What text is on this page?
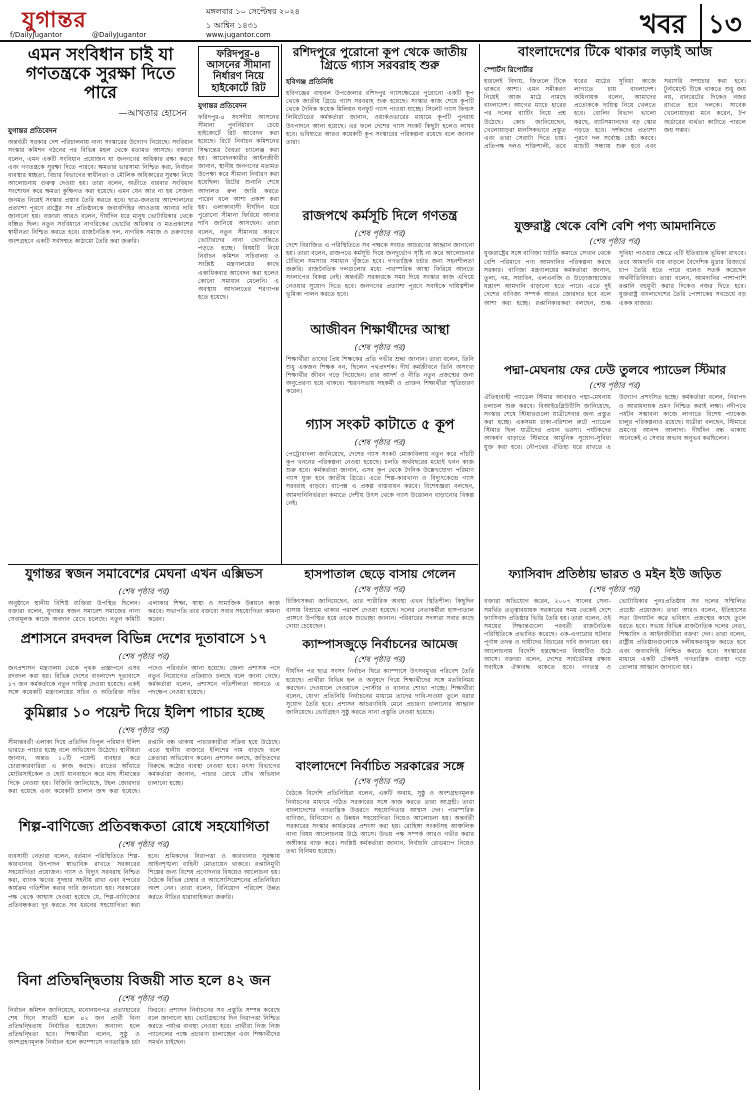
যুগান্তর	মঙ্গলবার ১০ সেপ্টেম্বর ২০২৪
১ আশ্বিন ১৪৩১
f/DailyJugantor	@DailyJugantor	www.jugantor.com	খবর ১৩
এমন সংবিধান চাই যা গণতন্ত্রকে সুরক্ষা দিতে পারে
—আখতার হোসেন
যুগান্তর প্রতিবেদন
অন্তর্বর্তী সরকার দেশ পরিচালনায় নানা সংস্কারের উদ্যোগ নিয়েছে। সংবিধান সংস্কার কমিশন গঠনের পর বিভিন্ন মহল থেকে মতামত আসছে। বক্তারা বলেন, এমন একটি সংবিধান প্রয়োজন যা জনগণের অধিকার রক্ষা করবে এবং গণতন্ত্রকে সুরক্ষা দিতে পারবে। ক্ষমতার ভারসাম্য নিশ্চিত করা, নির্বাচন ব্যবস্থার স্বচ্ছতা, বিচার বিভাগের স্বাধীনতা ও মৌলিক অধিকারের সুরক্ষা নিয়ে আলোচনায় গুরুত্ব দেওয়া হয়। তারা বলেন, অতীতে বারবার সংবিধান সংশোধন করে ক্ষমতা কুক্ষিগত করা হয়েছে। এমন যেন আর না হয় সেজন্য জনমত নিয়েই সংস্কার প্রস্তাব তৈরি করতে হবে। ছাত্র-জনতার আন্দোলনের প্রত্যাশা পূরণে রাষ্ট্রের সব প্রতিষ্ঠানকে জবাবদিহির আওতায় আনার দাবি জানানো হয়। বক্তারা আরও বলেন, দীর্ঘদিন ধরে মানুষ ভোটাধিকার থেকে বঞ্চিত ছিল। নতুন সংবিধানে নাগরিকের ভোটের অধিকার ও মতপ্রকাশের স্বাধীনতা নিশ্চিত করতে হবে। রাজনৈতিক দল, নাগরিক সমাজ ও তরুণদের অংশগ্রহণে একটি সর্বসম্মত কাঠামো তৈরি করা জরুরি।
ফরিদপুর-৪ আসনের সীমানা নির্ধারণ নিয়ে হাইকোর্টে রিট
যুগান্তর প্রতিবেদন
ফরিদপুর-৪ সংসদীয় আসনের সীমানা পুনর্নির্ধারণ চেয়ে হাইকোর্টে রিট আবেদন করা হয়েছে। রিটে নির্বাচন কমিশনের সিদ্ধান্তের বৈধতা চ্যালেঞ্জ করা হয়। আবেদনকারীর আইনজীবী জানান, স্থানীয় জনগণের মতামত উপেক্ষা করে সীমানা নির্ধারণ করা হয়েছিল। রিটের শুনানি শেষে আদালত রুল জারি করতে পারেন বলে আশা প্রকাশ করা হয়। এলাকাবাসী দীর্ঘদিন ধরে পুরোনো সীমানা ফিরিয়ে আনার দাবি জানিয়ে আসছেন। তারা বলেন, নতুন সীমানার কারণে ভোটারদের নানা ভোগান্তিতে পড়তে হচ্ছে। বিষয়টি নিয়ে নির্বাচন কমিশন সচিবালয় ও সংশ্লিষ্ট মন্ত্রণালয়ের কাছে একাধিকবার আবেদন করা হলেও কোনো সমাধান মেলেনি। এ অবস্থায় আদালতের শরণাপন্ন হতে হয়েছে।
রশিদপুরে পুরোনো কূপ থেকে জাতীয় গ্রিডে গ্যাস সরবরাহ শুরু
হবিগঞ্জ প্রতিনিধি
হবিগঞ্জের বাহুবল উপজেলার রশিদপুর গ্যাসক্ষেত্রের পুরোনো একটি কূপ থেকে জাতীয় গ্রিডে গ্যাস সরবরাহ শুরু হয়েছে। সংস্কার কাজ শেষে কূপটি থেকে দৈনিক কয়েক মিলিয়ন ঘনফুট গ্যাস পাওয়া যাচ্ছে। সিলেট গ্যাস ফিল্ডস লিমিটেডের কর্মকর্তারা জানান, ওয়ার্কওভারের মাধ্যমে কূপটি পুনরায় উৎপাদনে আনা হয়েছে। এর ফলে দেশের গ্যাস সংকট কিছুটা হলেও লাঘব হবে। ভবিষ্যতে আরও কয়েকটি কূপ সংস্কারের পরিকল্পনা রয়েছে বলে জানান তারা।
রাজপথে কর্মসূচি দিলে গণতন্ত্র
(শেষ পৃষ্ঠার পর)
দেশে বিরাজিত এ পরিস্থিতিতে সব পক্ষকে সংযত আচরণের আহ্বান জানানো হয়। তারা বলেন, রাজপথে কর্মসূচি দিয়ে জনদুর্ভোগ সৃষ্টি না করে আলোচনার টেবিলে সমস্যার সমাধান খুঁজতে হবে। গণতান্ত্রিক চর্চার জন্য সহনশীলতা জরুরি। রাজনৈতিক দলগুলোর মধ্যে পারস্পরিক আস্থা ফিরিয়ে আনতে সংলাপের বিকল্প নেই। অন্তর্বর্তী সরকারকে সময় দিয়ে সংস্কার কাজ এগিয়ে নেওয়ার সুযোগ দিতে হবে। জনগণের প্রত্যাশা পূরণে সবাইকে দায়িত্বশীল ভূমিকা পালন করতে হবে।
আজীবন শিক্ষার্থীদের আস্থা
(শেষ পৃষ্ঠার পর)
শিক্ষার্থীরা তাদের প্রিয় শিক্ষকের প্রতি গভীর শ্রদ্ধা জানান। তারা বলেন, তিনি শুধু একজন শিক্ষক নন, ছিলেন পথপ্রদর্শক। দীর্ঘ কর্মজীবনে তিনি অসংখ্য শিক্ষার্থীর জীবন গড়ে দিয়েছেন। তার আদর্শ ও নীতি নতুন প্রজন্মের জন্য অনুপ্রেরণা হয়ে থাকবে। স্মরণসভায় সহকর্মী ও প্রাক্তন শিক্ষার্থীরা স্মৃতিচারণ করেন।
গ্যাস সংকট কাটাতে ৫ কূপ
(শেষ পৃষ্ঠার পর)
পেট্রোবাংলা জানিয়েছে, দেশের গ্যাস সংকট মোকাবিলায় নতুন করে পাঁচটি কূপ খননের পরিকল্পনা নেওয়া হয়েছে। চলতি অর্থবছরের মধ্যেই খনন কাজ শুরু হবে। কর্মকর্তারা জানান, এসব কূপ থেকে দৈনিক উল্লেখযোগ্য পরিমাণ গ্যাস যুক্ত হবে জাতীয় গ্রিডে। এতে শিল্প-কারখানা ও বিদ্যুৎকেন্দ্রে গ্যাস সরবরাহ বাড়বে। বাপেক্স এ প্রকল্প বাস্তবায়ন করবে। বিশেষজ্ঞরা বলছেন, আমদানিনির্ভরতা কমাতে দেশীয় উৎস থেকে গ্যাস উত্তোলন বাড়ানোর বিকল্প নেই।
যুগান্তর স্বজন সমাবেশের মেঘনা এখন এক্সিভস
(শেষ পৃষ্ঠার পর)
অনুষ্ঠানে স্থানীয় বিশিষ্ট ব্যক্তিরা উপস্থিত ছিলেন। বক্তারা বলেন, যুগান্তর স্বজন সমাবেশ সমাজের নানা সেবামূলক কাজে অবদান রেখে চলেছে। নতুন কমিটি এলাকার শিক্ষা, স্বাস্থ্য ও সামাজিক উন্নয়নে কাজ করবে। সভাপতি তার বক্তব্যে সবার সহযোগিতা কামনা করেন।
প্রশাসনে রদবদল বিভিন্ন দেশের দূতাবাসে ১৭
(শেষ পৃষ্ঠার পর)
জনপ্রশাসন মন্ত্রণালয় থেকে পৃথক প্রজ্ঞাপনে এসব রদবদল করা হয়। বিভিন্ন দেশের বাংলাদেশ দূতাবাসে ১৭ জন কর্মকর্তাকে নতুন দায়িত্ব দেওয়া হয়েছে। একই সঙ্গে কয়েকটি মন্ত্রণালয়ের সচিব ও অতিরিক্ত সচিব পদেও পরিবর্তন আনা হয়েছে। জেলা প্রশাসক পদে নতুন নিয়োগের প্রক্রিয়াও চলছে বলে জানা গেছে। কর্মকর্তারা বলেন, প্রশাসনে গতিশীলতা আনতে এ পদক্ষেপ নেওয়া হয়েছে।
কুমিল্লার ১০ পয়েন্ট দিয়ে ইলিশ পাচার হচ্ছে
(শেষ পৃষ্ঠার পর)
সীমান্তবর্তী এলাকা দিয়ে প্রতিদিন বিপুল পরিমাণ ইলিশ ভারতে পাচার হচ্ছে বলে অভিযোগ উঠেছে। স্থানীয়রা জানান, অন্তত ১০টি পয়েন্ট ব্যবহার করে চোরাকারবারিরা এ কাজ করছে। রাতের আঁধারে মোটরসাইকেল ও ছোট যানবাহনে করে মাছ সীমান্তের দিকে নেওয়া হয়। বিজিবি জানিয়েছে, টহল জোরদার করা হয়েছে এবং কয়েকটি চালান জব্দ করা হয়েছে। রপ্তানি বন্ধ থাকায় পাচারকারীরা সক্রিয় হয়ে উঠেছে। এতে স্থানীয় বাজারে ইলিশের দাম বাড়ছে বলে ক্রেতারা অভিযোগ করেন। প্রশাসন বলছে, জড়িতদের বিরুদ্ধে কঠোর ব্যবস্থা নেওয়া হবে। মৎস্য বিভাগের কর্মকর্তারা জানান, পাচার রোধে যৌথ অভিযান চালানো হচ্ছে।
শিল্প-বাণিজ্যে প্রতিবন্ধকতা রোধে সহযোগিতা
(শেষ পৃষ্ঠার পর)
ব্যবসায়ী নেতারা বলেন, বর্তমান পরিস্থিতিতে শিল্প-কারখানার উৎপাদন স্বাভাবিক রাখতে সরকারের সহযোগিতা প্রয়োজন। গ্যাস ও বিদ্যুৎ সরবরাহ নিশ্চিত করা, ব্যাংক ঋণের সুদহার সহনীয় রাখা এবং বন্দরের কার্যক্রম গতিশীল করার দাবি জানানো হয়। সরকারের পক্ষ থেকে আশ্বাস দেওয়া হয়েছে যে, শিল্প-বাণিজ্যের প্রতিবন্ধকতা দূর করতে সব ধরনের সহযোগিতা করা হবে। শ্রমিকদের নিরাপত্তা ও কারখানার সুরক্ষায় আইনশৃঙ্খলা বাহিনী মোতায়েন থাকবে। রপ্তানিমুখী শিল্পের জন্য বিশেষ প্রণোদনার বিষয়েও আলোচনা হয়। বৈঠকে বিভিন্ন চেম্বার ও অ্যাসোসিয়েশনের প্রতিনিধিরা অংশ নেন। তারা বলেন, বিনিয়োগ পরিবেশ উন্নত করতে নীতির ধারাবাহিকতা জরুরি।
বিনা প্রতিদ্বন্দ্বিতায় বিজয়ী সাত হলে ৪২ জন
(শেষ পৃষ্ঠার পর)
নির্বাচন কমিশন জানিয়েছে, মনোনয়নপত্র প্রত্যাহারের শেষ দিনে সাতটি হলে ৪২ জন প্রার্থী বিনা প্রতিদ্বন্দ্বিতায় নির্বাচিত হয়েছেন। অন্যান্য হলে প্রতিদ্বন্দ্বিতা হবে। শিক্ষার্থীরা বলেন, সুষ্ঠু ও অংশগ্রহণমূলক নির্বাচন হলে ক্যাম্পাসে গণতান্ত্রিক চর্চা ফিরবে। প্রশাসন নির্বাচনের সব প্রস্তুতি সম্পন্ন করেছে বলে জানানো হয়। ভোটগ্রহণের দিন নিরাপত্তা নিশ্চিত করতে পর্যাপ্ত ব্যবস্থা নেওয়া হবে। প্রার্থীরা নিজ নিজ প্যানেলের পক্ষে প্রচারণা চালাচ্ছেন এবং শিক্ষার্থীদের সমর্থন চাইছেন।
হাসপাতাল ছেড়ে বাসায় গেলেন
(শেষ পৃষ্ঠার পর)
চিকিৎসকরা জানিয়েছেন, তার শারীরিক অবস্থা এখন স্থিতিশীল। কিছুদিন বাসায় বিশ্রামে থাকার পরামর্শ দেওয়া হয়েছে। দলের নেতাকর্মীরা হাসপাতাল প্রাঙ্গণে উপস্থিত হয়ে তাকে শুভেচ্ছা জানান। পরিবারের সদস্যরা সবার কাছে দোয়া চেয়েছেন।
ক্যাম্পাসজুড়ে নির্বাচনের আমেজ
(শেষ পৃষ্ঠার পর)
দীর্ঘদিন পর ছাত্র সংসদ নির্বাচন ঘিরে ক্যাম্পাসে উৎসবমুখর পরিবেশ তৈরি হয়েছে। প্রার্থীরা বিভিন্ন হল ও অনুষদে গিয়ে শিক্ষার্থীদের সঙ্গে মতবিনিময় করছেন। দেওয়ালে দেওয়ালে পোস্টার ও ব্যানার শোভা পাচ্ছে। শিক্ষার্থীরা বলেন, যোগ্য প্রতিনিধি নির্বাচনের মাধ্যমে তাদের দাবি-দাওয়া তুলে ধরার সুযোগ তৈরি হবে। প্রশাসন আচরণবিধি মেনে প্রচারণা চালানোর আহ্বান জানিয়েছে। ভোটগ্রহণ সুষ্ঠু করতে নানা প্রস্তুতি নেওয়া হয়েছে।
বাংলাদেশে নির্বাচিত সরকারের সঙ্গে
(শেষ পৃষ্ঠার পর)
বৈঠকে বিদেশি প্রতিনিধিরা বলেন, একটি অবাধ, সুষ্ঠু ও অংশগ্রহণমূলক নির্বাচনের মাধ্যমে গঠিত সরকারের সঙ্গে কাজ করতে তারা আগ্রহী। তারা বাংলাদেশের গণতান্ত্রিক উত্তরণে সহযোগিতার আশ্বাস দেন। পারস্পরিক বাণিজ্য, বিনিয়োগ ও উন্নয়ন সহযোগিতা নিয়েও আলোচনা হয়। অন্তর্বর্তী সরকারের সংস্কার কার্যক্রমের প্রশংসা করা হয়। রোহিঙ্গা সংকটসহ আঞ্চলিক নানা বিষয় আলোচনায় উঠে আসে। উভয় পক্ষ সম্পর্ক আরও গভীর করার অঙ্গীকার ব্যক্ত করে। সংশ্লিষ্ট কর্মকর্তারা জানান, নির্বাচনি রোডম্যাপ নিয়েও তথ্য বিনিময় হয়েছে।
বাংলাদেশের টিকে থাকার লড়াই আজ
স্পোর্টস রিপোর্টার
হারলেই বিদায়, জিতলে টিকে থাকবে আশা। এমন সমীকরণ নিয়েই আজ মাঠে নামছে বাংলাদেশ। আগের ম্যাচে হারের পর দলের ব্যাটিং নিয়ে প্রশ্ন উঠেছে। কোচ জানিয়েছেন, খেলোয়াড়রা মানসিকভাবে প্রস্তুত এবং তারা সেরাটা দিতে চায়। প্রতিপক্ষ দলও শক্তিশালী, তবে ঘরের মাঠের সুবিধা কাজে লাগাতে চায় বাংলাদেশ। অধিনায়ক বলেন, আমাদের প্রত্যেককে দায়িত্ব নিয়ে খেলতে হবে। বোলিং বিভাগ ভালো করছে, ব্যাটসম্যানদের বড় স্কোর গড়তে হবে। দর্শকদের প্রত্যাশা পূরণে দল সর্বোচ্চ চেষ্টা করবে। ম্যাচটি সন্ধ্যায় শুরু হবে এবং সরাসরি সম্প্রচার করা হবে। টুর্নামেন্টে টিকে থাকতে শুধু জয় নয়, রানরেটের দিকেও নজর রাখতে হবে দলকে। সাবেক খেলোয়াড়রা মনে করেন, টপ অর্ডারের ব্যর্থতা কাটাতে পারলে জয় সম্ভব।
যুক্তরাষ্ট্র থেকে বেশি বেশি পণ্য আমদানিতে
(শেষ পৃষ্ঠার পর)
যুক্তরাষ্ট্রের সঙ্গে বাণিজ্য ঘাটতি কমাতে সেখান থেকে বেশি পরিমাণে পণ্য আমদানির পরিকল্পনা করছে সরকার। বাণিজ্য মন্ত্রণালয়ের কর্মকর্তারা জানান, তুলা, গম, সয়াবিন, এলএনজি ও উড়োজাহাজের যন্ত্রাংশ আমদানি বাড়ানো হতে পারে। এতে দুই দেশের বাণিজ্য সম্পর্ক আরও জোরদার হবে বলে আশা করা হচ্ছে। রপ্তানিকারকরা বলছেন, শুল্ক সুবিধা পাওয়ার ক্ষেত্রে এটি ইতিবাচক ভূমিকা রাখবে। তবে আমদানি ব্যয় বাড়লে বৈদেশিক মুদ্রার রিজার্ভে চাপ তৈরি হতে পারে বলেও সতর্ক করেছেন অর্থনীতিবিদরা। তারা বলেন, আমদানির পাশাপাশি রপ্তানি বহুমুখী করার দিকেও নজর দিতে হবে। যুক্তরাষ্ট্র বাংলাদেশের তৈরি পোশাকের সবচেয়ে বড় একক বাজার।
পদ্মা-মেঘনায় ফের ঢেউ তুলবে প্যাডেল স্টিমার
(শেষ পৃষ্ঠার পর)
ঐতিহ্যবাহী প্যাডেল স্টিমার আবারও পদ্মা-মেঘনায় চলাচল শুরু করবে। বিআইডব্লিউটিসি জানিয়েছে, সংস্কার শেষে স্টিমারগুলো যাত্রীসেবার জন্য প্রস্তুত করা হচ্ছে। একসময় ঢাকা-বরিশাল রুটে প্যাডেল স্টিমার ছিল যাত্রীদের প্রধান ভরসা। পর্যটকদের আকর্ষণ বাড়াতে স্টিমারে আধুনিক সুযোগ-সুবিধা যুক্ত করা হবে। নৌপথের ঐতিহ্য ধরে রাখতে এ উদ্যোগ প্রশংসিত হচ্ছে। কর্মকর্তারা বলেন, নিরাপদ ও আরামদায়ক ভ্রমণ নিশ্চিত করাই লক্ষ্য। নদীপথে পর্যটন সম্ভাবনা কাজে লাগাতে বিশেষ প্যাকেজ চালুর পরিকল্পনাও রয়েছে। যাত্রীরা বলছেন, স্টিমারে ভ্রমণের আনন্দ আলাদা। দীর্ঘদিন বন্ধ থাকায় অনেকেই এ সেবার অভাব অনুভব করছিলেন।
ফ্যাসিবাদ প্রতিষ্ঠায় ভারত ও মইন ইউ জড়িত
(শেষ পৃষ্ঠার পর)
বক্তারা অভিযোগ করেন, ২০০৭ সালের সেনা-সমর্থিত তত্ত্বাবধায়ক সরকারের সময় থেকেই দেশে ফ্যাসিবাদ প্রতিষ্ঠার ভিত্তি তৈরি হয়। তারা বলেন, ওই সময়ের সিদ্ধান্তগুলো পরবর্তী রাজনৈতিক পরিস্থিতিকে প্রভাবিত করেছে। এক-এগারোর ঘটনার পূর্ণাঙ্গ তদন্ত ও দায়ীদের বিচারের দাবি জানানো হয়। আলোচনায় বিদেশি হস্তক্ষেপের বিষয়টিও উঠে আসে। বক্তারা বলেন, দেশের সার্বভৌমত্ব রক্ষায় সবাইকে ঐক্যবদ্ধ থাকতে হবে। গণতন্ত্র ও ভোটাধিকার পুনঃপ্রতিষ্ঠায় সব দলের সম্মিলিত প্রচেষ্টা প্রয়োজন। তারা আরও বলেন, ইতিহাসের সত্য উদঘাটন করে ভবিষ্যৎ প্রজন্মের কাছে তুলে ধরতে হবে। সভায় বিভিন্ন রাজনৈতিক দলের নেতা, শিক্ষাবিদ ও আইনজীবীরা বক্তব্য দেন। তারা বলেন, রাষ্ট্রীয় প্রতিষ্ঠানগুলোকে দলীয়করণমুক্ত করতে হবে এবং জবাবদিহি নিশ্চিত করতে হবে। সংস্কারের মাধ্যমে একটি টেকসই গণতান্ত্রিক ব্যবস্থা গড়ে তোলার আহ্বান জানানো হয়।
